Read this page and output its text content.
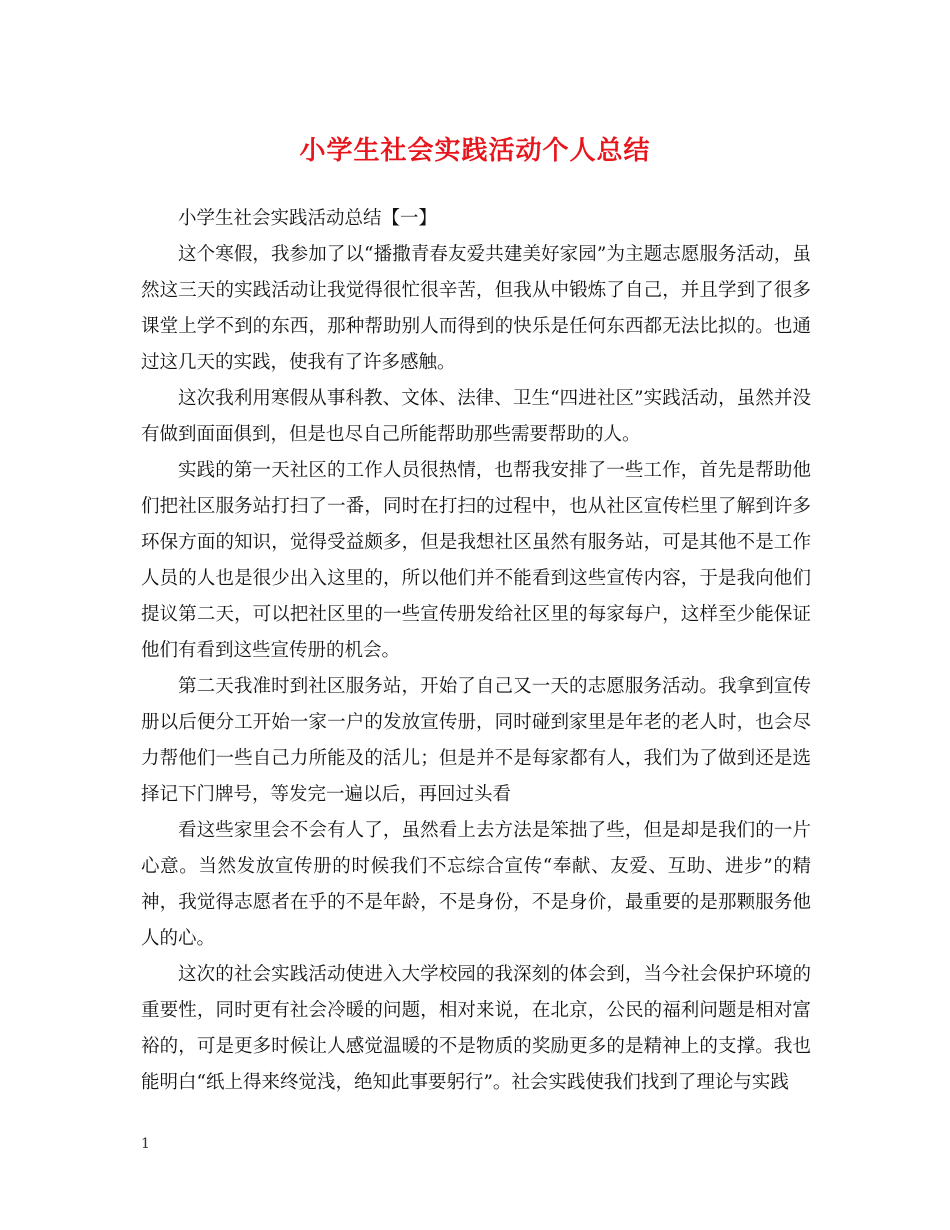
小学生社会实践活动个人总结

小学生社会实践活动总结【一】

这个寒假，我参加了以“播撒青春友爱共建美好家园”为主题志愿服务活动，虽然这三天的实践活动让我觉得很忙很辛苦，但我从中锻炼了自己，并且学到了很多课堂上学不到的东西，那种帮助别人而得到的快乐是任何东西都无法比拟的。也通过这几天的实践，使我有了许多感触。

这次我利用寒假从事科教、文体、法律、卫生“四进社区”实践活动，虽然并没有做到面面俱到，但是也尽自己所能帮助那些需要帮助的人。

实践的第一天社区的工作人员很热情，也帮我安排了一些工作，首先是帮助他们把社区服务站打扫了一番，同时在打扫的过程中，也从社区宣传栏里了解到许多环保方面的知识，觉得受益颇多，但是我想社区虽然有服务站，可是其他不是工作人员的人也是很少出入这里的，所以他们并不能看到这些宣传内容，于是我向他们提议第二天，可以把社区里的一些宣传册发给社区里的每家每户，这样至少能保证他们有看到这些宣传册的机会。

第二天我准时到社区服务站，开始了自己又一天的志愿服务活动。我拿到宣传册以后便分工开始一家一户的发放宣传册，同时碰到家里是年老的老人时，也会尽力帮他们一些自己力所能及的活儿；但是并不是每家都有人，我们为了做到还是选择记下门牌号，等发完一遍以后，再回过头看

看这些家里会不会有人了，虽然看上去方法是笨拙了些，但是却是我们的一片心意。当然发放宣传册的时候我们不忘综合宣传“奉献、友爱、互助、进步”的精神，我觉得志愿者在乎的不是年龄，不是身份，不是身价，最重要的是那颗服务他人的心。

这次的社会实践活动使进入大学校园的我深刻的体会到，当今社会保护环境的重要性，同时更有社会冷暖的问题，相对来说，在北京，公民的福利问题是相对富裕的，可是更多时候让人感觉温暖的不是物质的奖励更多的是精神上的支撑。我也能明白“纸上得来终觉浅，绝知此事要躬行”。社会实践使我们找到了理论与实践

1
